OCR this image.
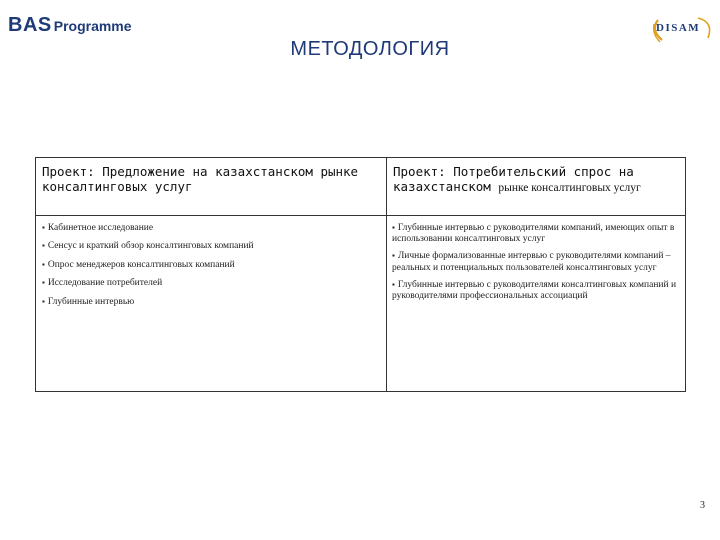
BAS Programme	DISAM
МЕТОДОЛОГИЯ
Проект: Предложение на казахстанском рынке консалтинговых услуг
Проект: Потребительский спрос на казахстанском рынке консалтинговых услуг
▪ Кабинетное исследование
▪ Сенсус и краткий обзор консалтинговых компаний
▪ Опрос менеджеров консалтинговых компаний
▪ Исследование потребителей
▪ Глубинные интервью
▪ Глубинные интервью с руководителями компаний, имеющих опыт в использовании консалтинговых услуг
▪ Личные формализованные интервью с руководителями компаний – реальных и потенциальных пользователей консалтинговых услуг
▪ Глубинные интервью с руководителями консалтинговых компаний и руководителями профессиональных ассоциаций
3
